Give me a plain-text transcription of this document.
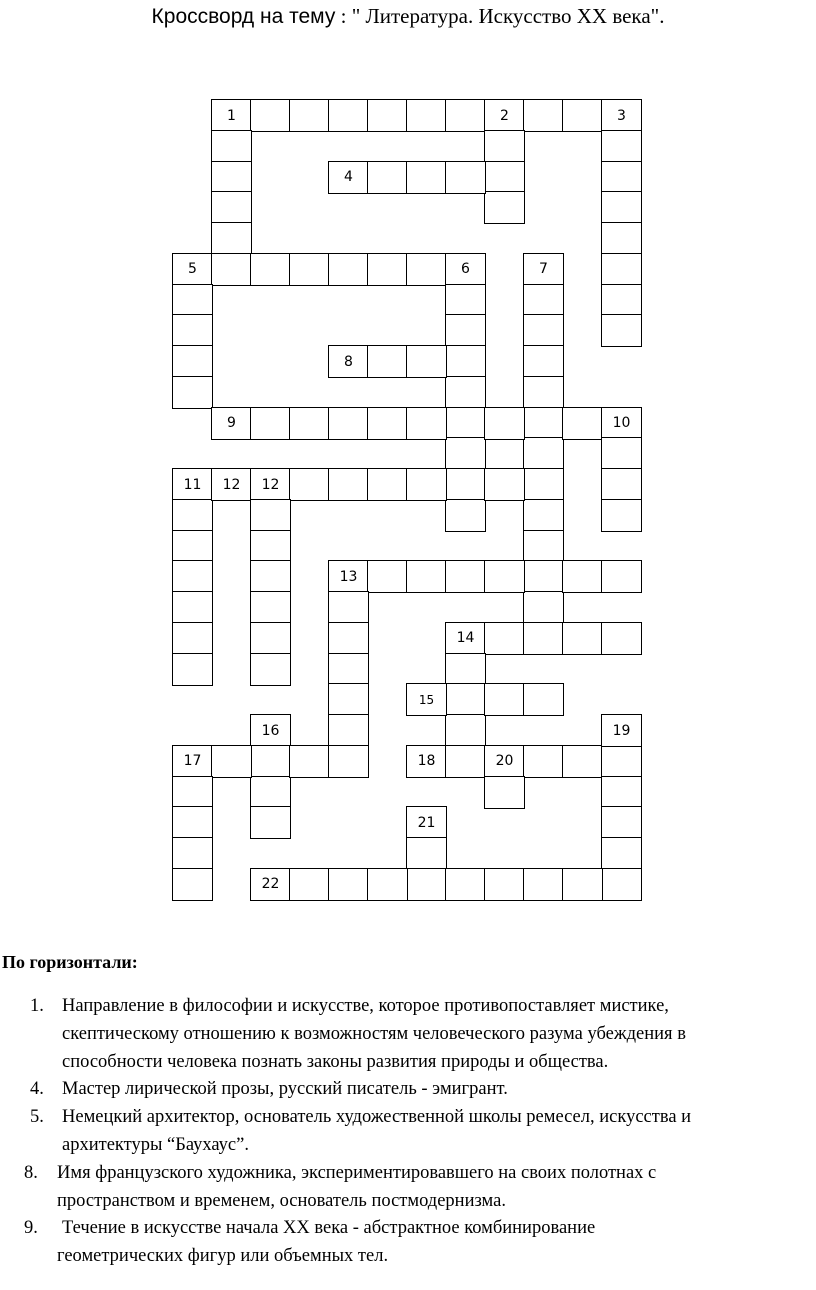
Кроссворд на тему : " Литература. Искусство XX века".
1	2	3
4
5	6	7
8
9	10
11	12	12
13
14
15
16
17	18	20
19
21
22
По горизонтали:
1. Направление в философии и искусстве, которое противопоставляет мистике,
скептическому отношению к возможностям человеческого разума убеждения в
способности человека познать законы развития природы и общества.
4. Мастер лирической прозы, русский писатель - эмигрант.
5. Немецкий архитектор, основатель художественной школы ремесел, искусства и
архитектуры “Баухаус”.
8. Имя французского художника, экспериментировавшего на своих полотнах с
пространством и временем, основатель постмодернизма.
9. Течение в искусстве начала XX века - абстрактное комбинирование
геометрических фигур или объемных тел.
